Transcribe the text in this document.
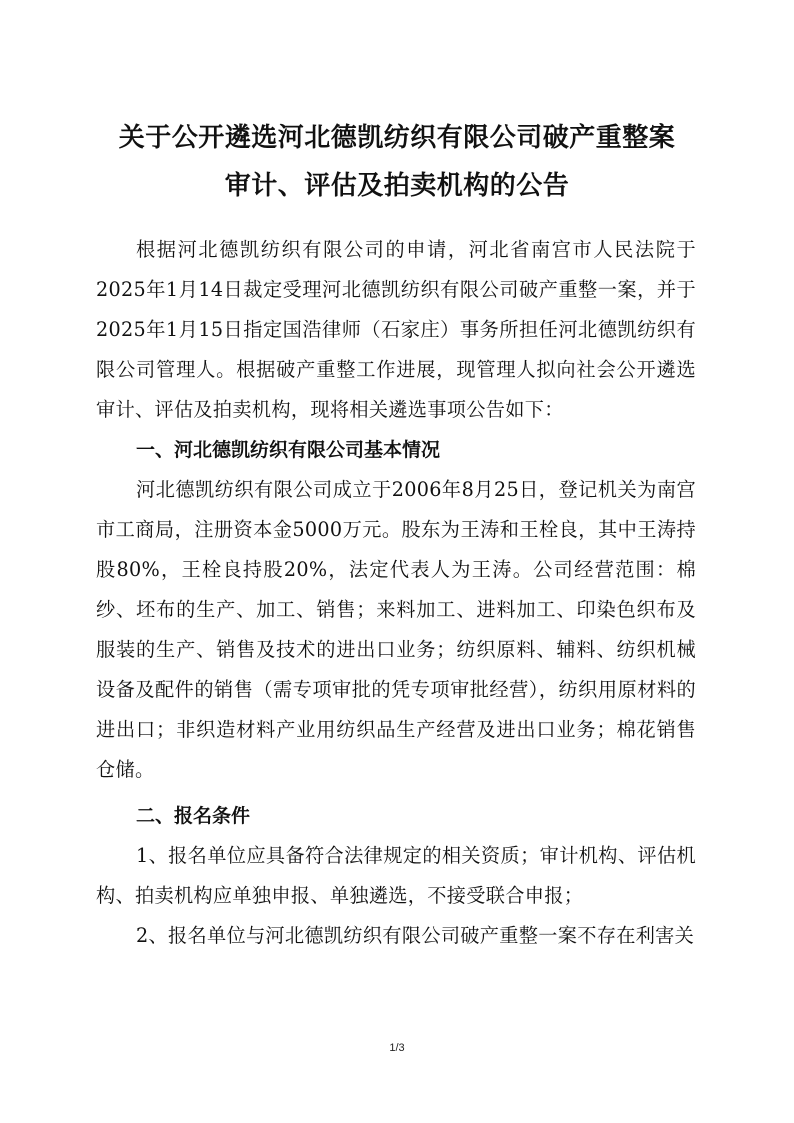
关于公开遴选河北德凯纺织有限公司破产重整案
审计、评估及拍卖机构的公告

根据河北德凯纺织有限公司的申请，河北省南宫市人民法院于2025年1月14日裁定受理河北德凯纺织有限公司破产重整一案，并于2025年1月15日指定国浩律师（石家庄）事务所担任河北德凯纺织有限公司管理人。根据破产重整工作进展，现管理人拟向社会公开遴选审计、评估及拍卖机构，现将相关遴选事项公告如下：

一、河北德凯纺织有限公司基本情况

河北德凯纺织有限公司成立于2006年8月25日，登记机关为南宫市工商局，注册资本金5000万元。股东为王涛和王栓良，其中王涛持股80%，王栓良持股20%，法定代表人为王涛。公司经营范围：棉纱、坯布的生产、加工、销售；来料加工、进料加工、印染色织布及服装的生产、销售及技术的进出口业务；纺织原料、辅料、纺织机械设备及配件的销售（需专项审批的凭专项审批经营），纺织用原材料的进出口；非织造材料产业用纺织品生产经营及进出口业务；棉花销售仓储。

二、报名条件

1、报名单位应具备符合法律规定的相关资质；审计机构、评估机构、拍卖机构应单独申报、单独遴选，不接受联合申报；

2、报名单位与河北德凯纺织有限公司破产重整一案不存在利害关

1/3
